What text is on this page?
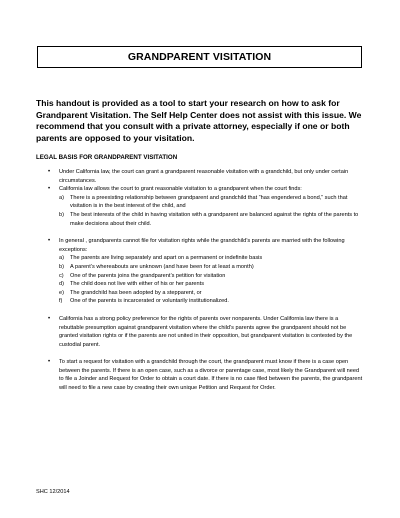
GRANDPARENT VISITATION
This handout is provided as a tool to start your research on how to ask for Grandparent Visitation. The Self Help Center does not assist with this issue. We recommend that you consult with a private attorney, especially if one or both parents are opposed to your visitation.
LEGAL BASIS FOR GRANDPARENT VISITATION
• Under California law, the court can grant a grandparent reasonable visitation with a grandchild, but only under certain circumstances.
• California law allows the court to grant reasonable visitation to a grandparent when the court finds:
a) There is a preexisting relationship between grandparent and grandchild that “has engendered a bond,” such that visitation is in the best interest of the child, and
b) The best interests of the child in having visitation with a grandparent are balanced against the rights of the parents to make decisions about their child.
• In general , grandparents cannot file for visitation rights while the grandchild’s parents are married with the following exceptions:
a) The parents are living separately and apart on a permanent or indefinite basis
b) A parent’s whereabouts are unknown (and have been for at least a month)
c) One of the parents joins the grandparent’s petition for visitation
d) The child does not live with either of his or her parents
e) The grandchild has been adopted by a stepparent, or
f) One of the parents is incarcerated or voluntarily institutionalized.
• California has a strong policy preference for the rights of parents over nonparents. Under California law there is a rebuttable presumption against grandparent visitation where the child’s parents agree the grandparent should not be granted visitation rights or if the parents are not united in their opposition, but grandparent visitation is contested by the custodial parent.
• To start a request for visitation with a grandchild through the court, the grandparent must know if there is a case open between the parents. If there is an open case, such as a divorce or parentage case, most likely the Grandparent will need to file a Joinder and Request for Order to obtain a court date. If there is no case filed between the parents, the grandparent will need to file a new case by creating their own unique Petition and Request for Order.
SHC 12/2014
